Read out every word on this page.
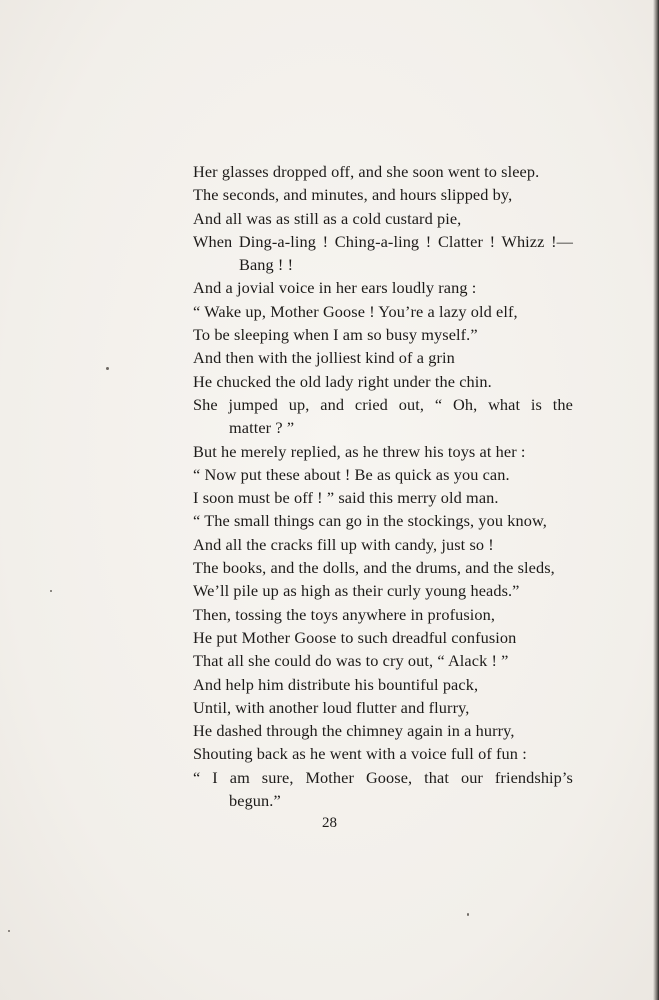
Her glasses dropped off, and she soon went to sleep.
The seconds, and minutes, and hours slipped by,
And all was as still as a cold custard pie,
When Ding-a-ling ! Ching-a-ling ! Clatter ! Whizz !—
Bang ! !
And a jovial voice in her ears loudly rang :
“ Wake up, Mother Goose ! You’re a lazy old elf,
To be sleeping when I am so busy myself.”
And then with the jolliest kind of a grin
He chucked the old lady right under the chin.
She jumped up, and cried out, “ Oh, what is the
matter ? ”
But he merely replied, as he threw his toys at her :
“ Now put these about ! Be as quick as you can.
I soon must be off ! ” said this merry old man.
“ The small things can go in the stockings, you know,
And all the cracks fill up with candy, just so !
The books, and the dolls, and the drums, and the sleds,
We’ll pile up as high as their curly young heads.”
Then, tossing the toys anywhere in profusion,
He put Mother Goose to such dreadful confusion
That all she could do was to cry out, “ Alack ! ”
And help him distribute his bountiful pack,
Until, with another loud flutter and flurry,
He dashed through the chimney again in a hurry,
Shouting back as he went with a voice full of fun :
“ I am sure, Mother Goose, that our friendship’s
begun.”
28
